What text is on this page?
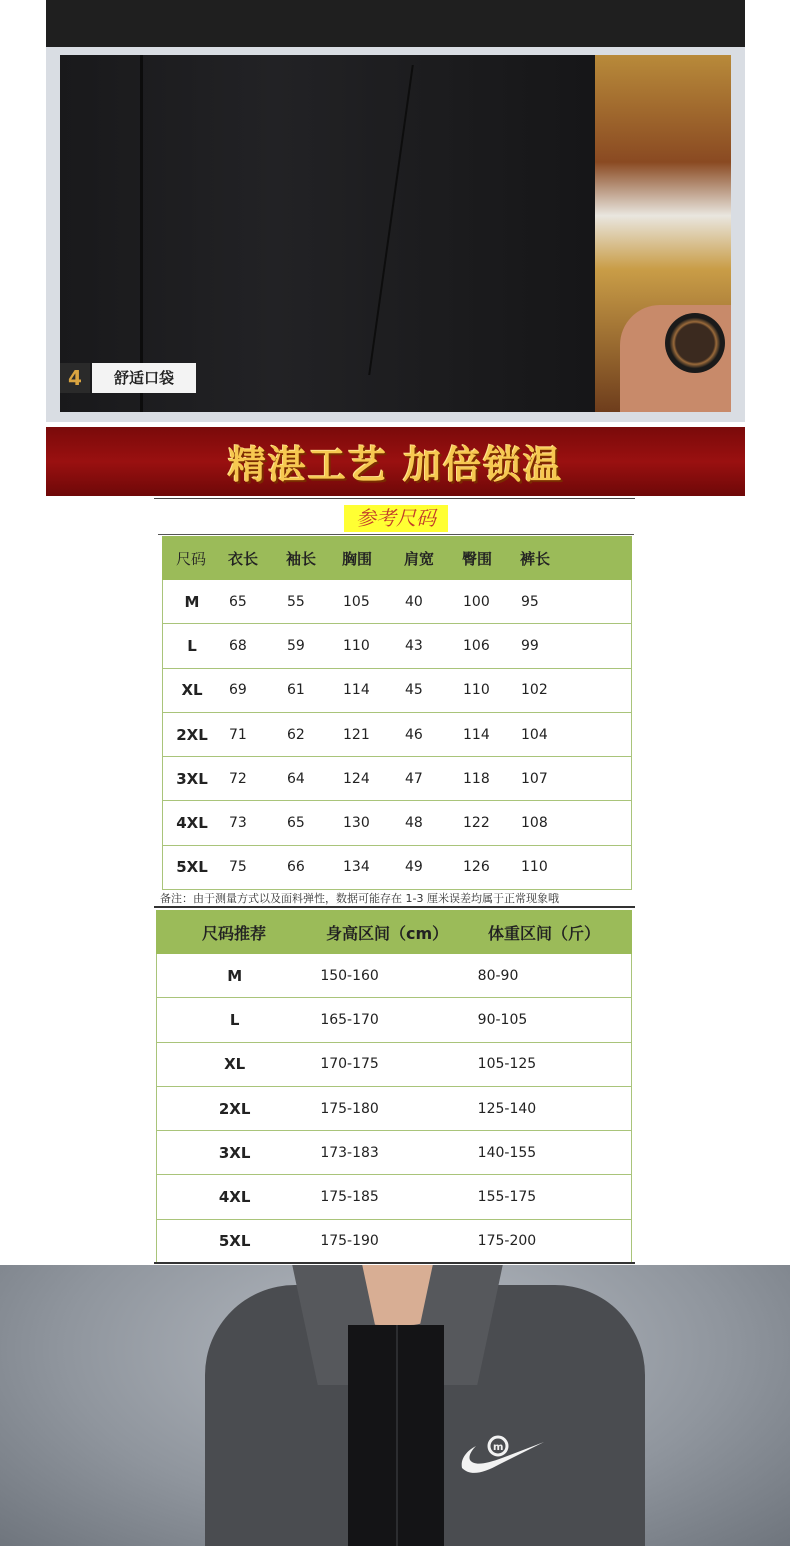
4	舒适口袋
精湛工艺 加倍锁温
参考尺码
尺码	衣长	袖长	胸围	肩宽	臀围	裤长
M	65	55	105	40	100	95
L	68	59	110	43	106	99
XL	69	61	114	45	110	102
2XL	71	62	121	46	114	104
3XL	72	64	124	47	118	107
4XL	73	65	130	48	122	108
5XL	75	66	134	49	126	110
备注：由于测量方式以及面料弹性，数据可能存在 1-3 厘米误差均属于正常现象哦
尺码推荐	身高区间（cm）	体重区间（斤）
M	150-160	80-90
L	165-170	90-105
XL	170-175	105-125
2XL	175-180	125-140
3XL	173-183	140-155
4XL	175-185	155-175
5XL	175-190	175-200
m
